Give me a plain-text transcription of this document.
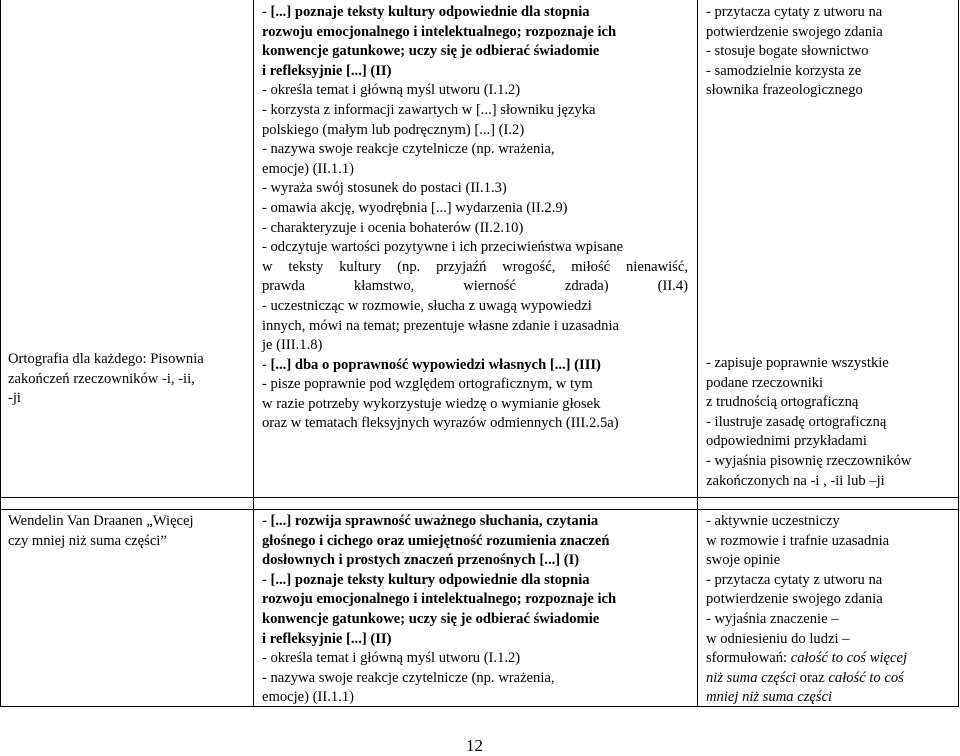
Ortografia dla każdego: Pisownia
zakończeń rzeczowników -i, -ii,
-ji
- [...] poznaje teksty kultury odpowiednie dla stopnia
rozwoju emocjonalnego i intelektualnego; rozpoznaje ich
konwencje gatunkowe; uczy się je odbierać świadomie
i refleksyjnie [...] (II)
- określa temat i główną myśl utworu (I.1.2)
- korzysta z informacji zawartych w [...] słowniku języka
polskiego (małym lub podręcznym) [...] (I.2)
- nazywa swoje reakcje czytelnicze (np. wrażenia,
emocje) (II.1.1)
- wyraża swój stosunek do postaci (II.1.3)
- omawia akcję, wyodrębnia [...] wydarzenia (II.2.9)
- charakteryzuje i ocenia bohaterów (II.2.10)
- odczytuje wartości pozytywne i ich przeciwieństwa wpisane
w teksty kultury (np. przyjaźń wrogość, miłość nienawiść,
prawda kłamstwo, wierność zdrada) (II.4)
- uczestnicząc w rozmowie, słucha z uwagą wypowiedzi
innych, mówi na temat; prezentuje własne zdanie i uzasadnia
je (III.1.8)
- [...] dba o poprawność wypowiedzi własnych [...] (III)
- pisze poprawnie pod względem ortograficznym, w tym
w razie potrzeby wykorzystuje wiedzę o wymianie głosek
oraz w tematach fleksyjnych wyrazów odmiennych (III.2.5a)
- przytacza cytaty z utworu na
potwierdzenie swojego zdania
- stosuje bogate słownictwo
- samodzielnie korzysta ze
słownika frazeologicznego
- zapisuje poprawnie wszystkie
podane rzeczowniki
z trudnością ortograficzną
- ilustruje zasadę ortograficzną
odpowiednimi przykładami
- wyjaśnia pisownię rzeczowników
zakończonych na -i , -ii lub –ji
Wendelin Van Draanen „Więcej
czy mniej niż suma części”
- [...] rozwija sprawność uważnego słuchania, czytania
głośnego i cichego oraz umiejętność rozumienia znaczeń
dosłownych i prostych znaczeń przenośnych [...] (I)
- [...] poznaje teksty kultury odpowiednie dla stopnia
rozwoju emocjonalnego i intelektualnego; rozpoznaje ich
konwencje gatunkowe; uczy się je odbierać świadomie
i refleksyjnie [...] (II)
- określa temat i główną myśl utworu (I.1.2)
- nazywa swoje reakcje czytelnicze (np. wrażenia,
emocje) (II.1.1)
- aktywnie uczestniczy
w rozmowie i trafnie uzasadnia
swoje opinie
- przytacza cytaty z utworu na
potwierdzenie swojego zdania
- wyjaśnia znaczenie –
w odniesieniu do ludzi –
sformułowań: całość to coś więcej
niż suma części oraz całość to coś
mniej niż suma części
12
